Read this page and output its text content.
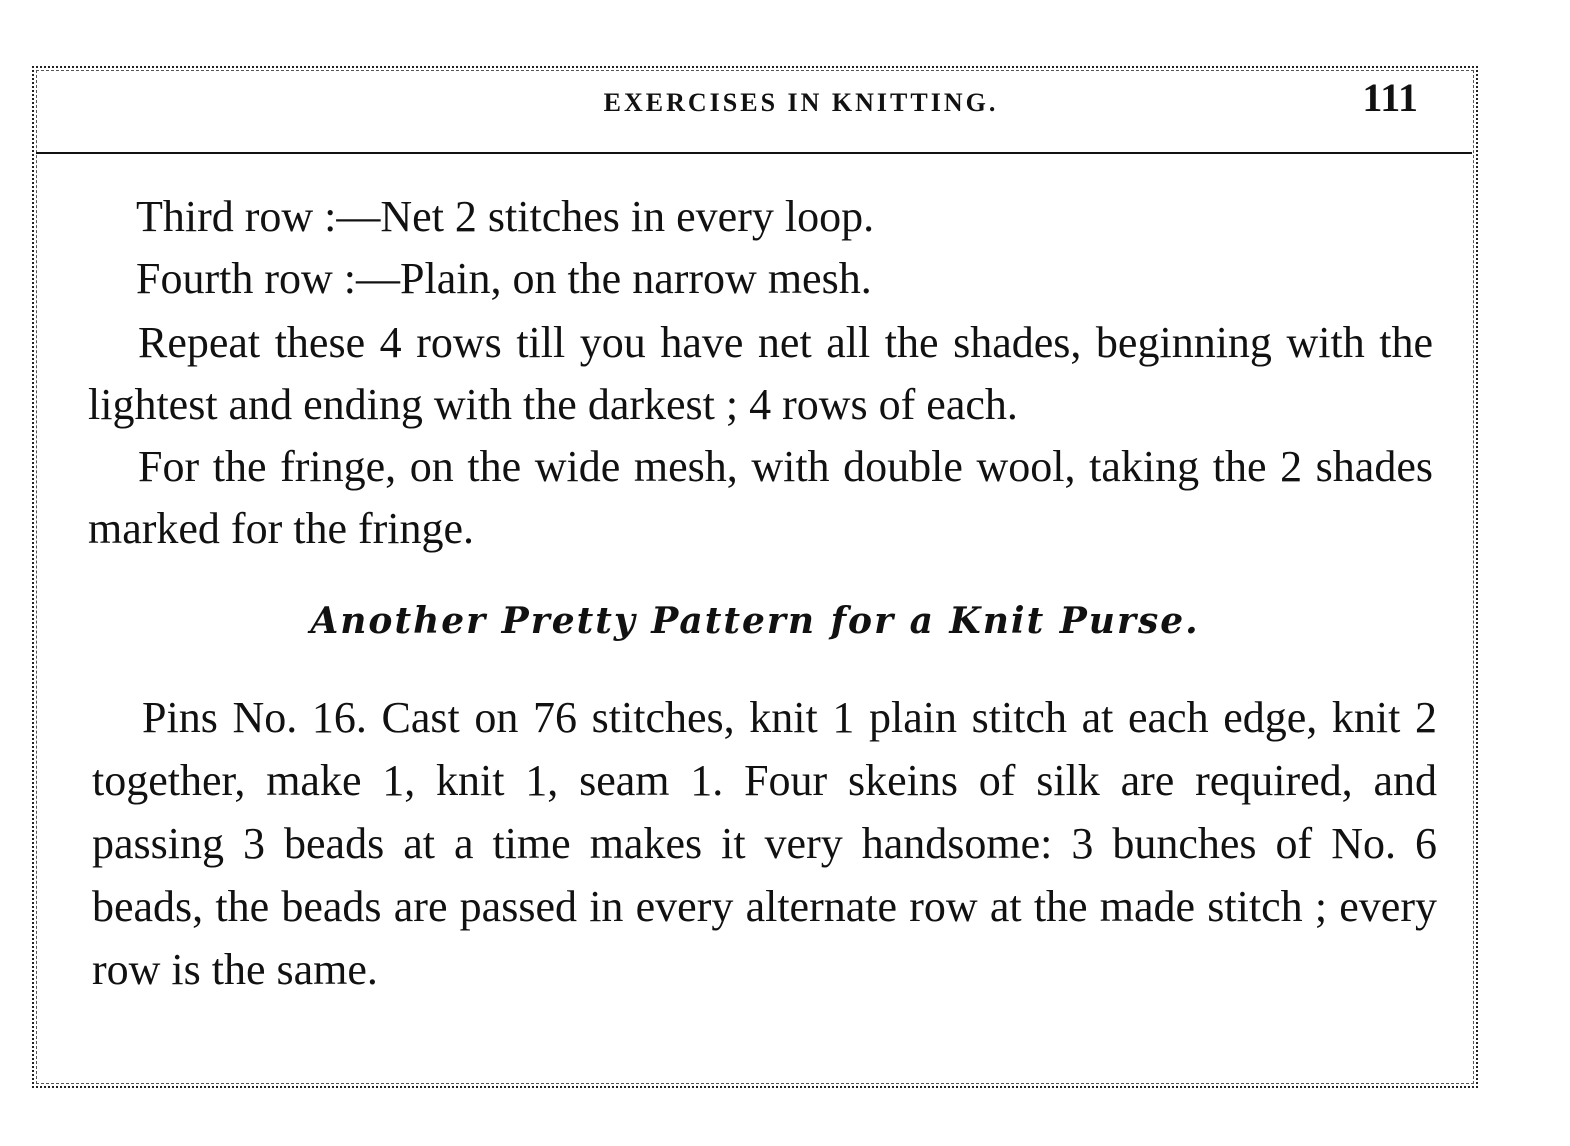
EXERCISES IN KNITTING.	111

Third row :—Net 2 stitches in every loop.

Fourth row :—Plain, on the narrow mesh.

Repeat these 4 rows till you have net all the shades, beginning with the lightest and ending with the darkest ; 4 rows of each.

For the fringe, on the wide mesh, with double wool, taking the 2 shades marked for the fringe.

Another Pretty Pattern for a Knit Purse.

Pins No. 16. Cast on 76 stitches, knit 1 plain stitch at each edge, knit 2 together, make 1, knit 1, seam 1. Four skeins of silk are required, and passing 3 beads at a time makes it very handsome: 3 bunches of No. 6 beads, the beads are passed in every alternate row at the made stitch ; every row is the same.
